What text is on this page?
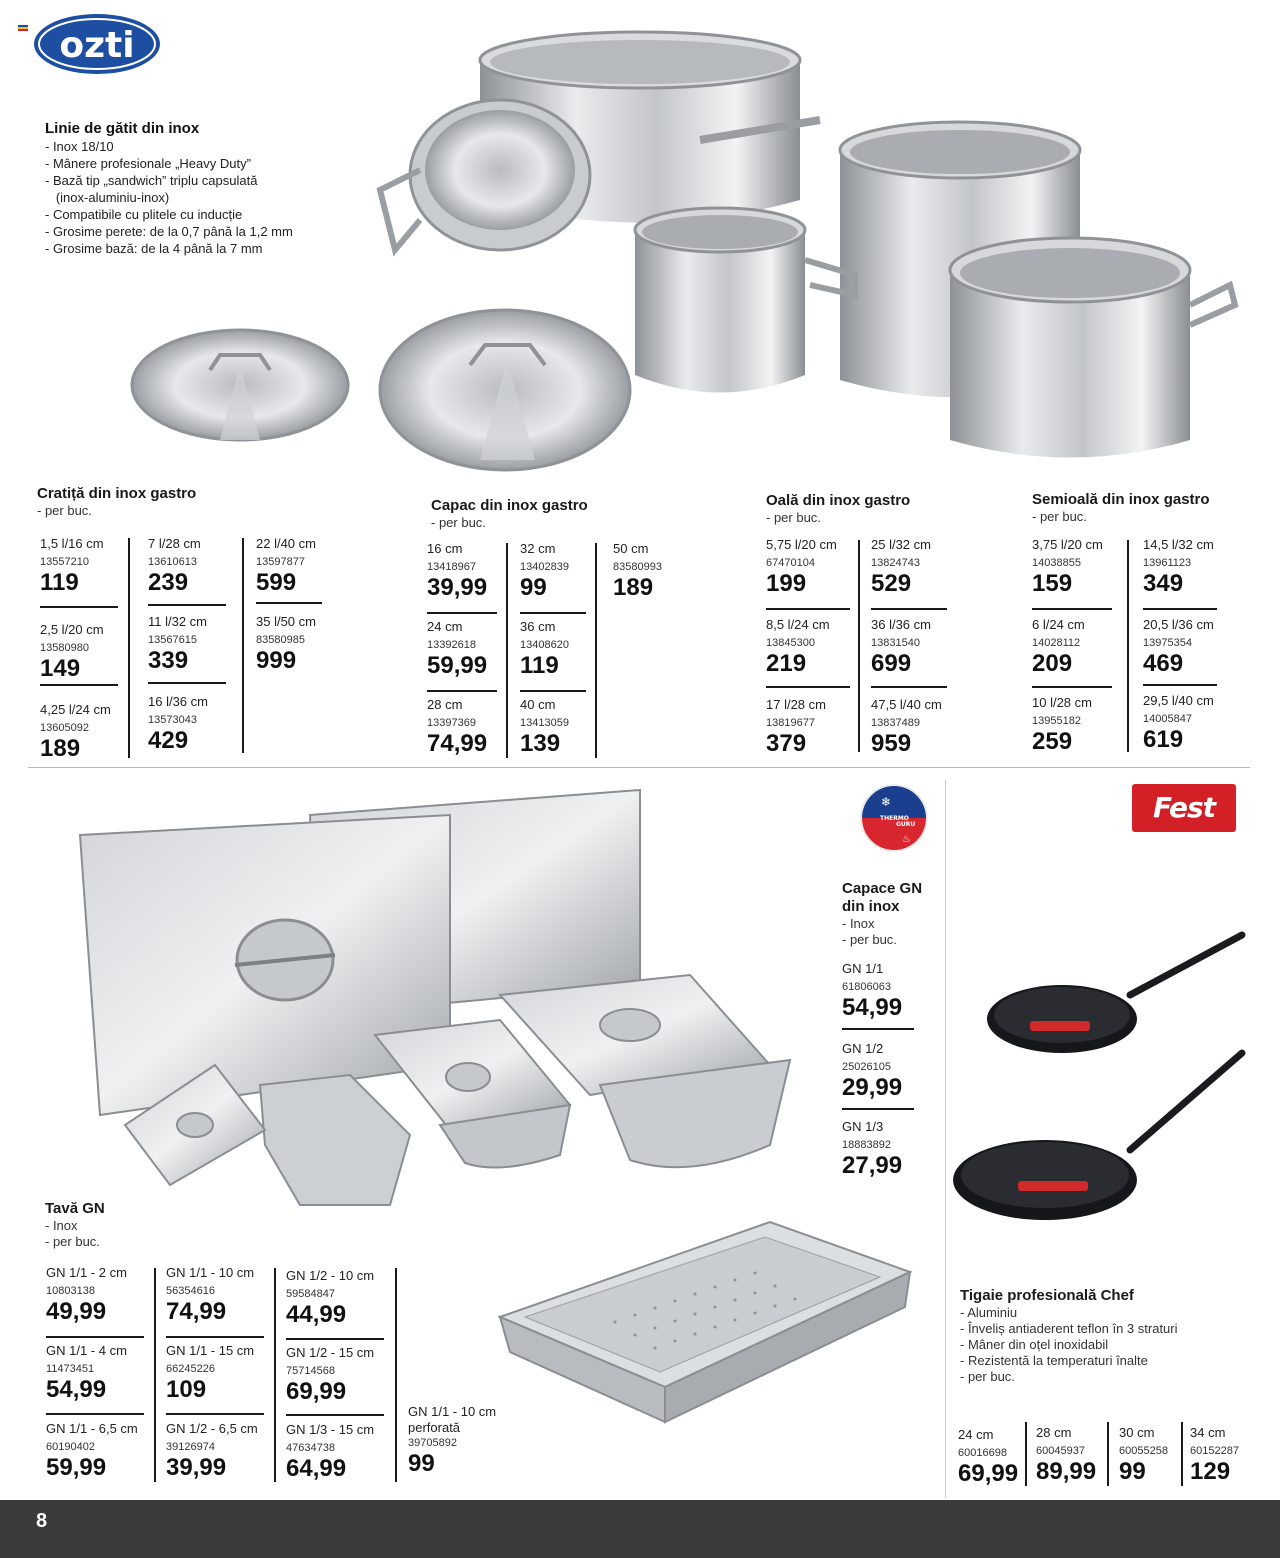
ozti
Linie de gătit din inox
- Inox 18/10
- Mânere profesionale „Heavy Duty”
- Bază tip „sandwich” triplu capsulată
(inox-aluminiu-inox)
- Compatibile cu plitele cu inducție
- Grosime perete: de la 0,7 până la 1,2 mm
- Grosime bază: de la 4 până la 7 mm
Cratiță din inox gastro
- per buc.
1,5 l/16 cm
13557210
119
2,5 l/20 cm
13580980
149
4,25 l/24 cm
13605092
189
7 l/28 cm
13610613
239
11 l/32 cm
13567615
339
16 l/36 cm
13573043
429
22 l/40 cm
13597877
599
35 l/50 cm
83580985
999
Capac din inox gastro
- per buc.
16 cm
13418967
39,99
24 cm
13392618
59,99
28 cm
13397369
74,99
32 cm
13402839
99
36 cm
13408620
119
40 cm
13413059
139
50 cm
83580993
189
Oală din inox gastro
- per buc.
5,75 l/20 cm
67470104
199
8,5 l/24 cm
13845300
219
17 l/28 cm
13819677
379
25 l/32 cm
13824743
529
36 l/36 cm
13831540
699
47,5 l/40 cm
13837489
959
Semioală din inox gastro
- per buc.
3,75 l/20 cm
14038855
159
6 l/24 cm
14028112
209
10 l/28 cm
13955182
259
14,5 l/32 cm
13961123
349
20,5 l/36 cm
13975354
469
29,5 l/40 cm
14005847
619
THERMO
GURU
❄
♨
Capace GN
din inox
- Inox
- per buc.
GN 1/1
61806063
54,99
GN 1/2
25026105
29,99
GN 1/3
18883892
27,99
Tavă GN
- Inox
- per buc.
GN 1/1 - 2 cm
10803138
49,99
GN 1/1 - 4 cm
11473451
54,99
GN 1/1 - 6,5 cm
60190402
59,99
GN 1/1 - 10 cm
56354616
74,99
GN 1/1 - 15 cm
66245226
109
GN 1/2 - 6,5 cm
39126974
39,99
GN 1/2 - 10 cm
59584847
44,99
GN 1/2 - 15 cm
75714568
69,99
GN 1/3 - 15 cm
47634738
64,99
GN 1/1 - 10 cm
perforată
39705892
99
Fest
Tigaie profesională Chef
- Aluminiu
- Înveliș antiaderent teflon în 3 straturi
- Mâner din oțel inoxidabil
- Rezistentă la temperaturi înalte
- per buc.
24 cm
60016698
69,99
28 cm
60045937
89,99
30 cm
60055258
99
34 cm
60152287
129
8
